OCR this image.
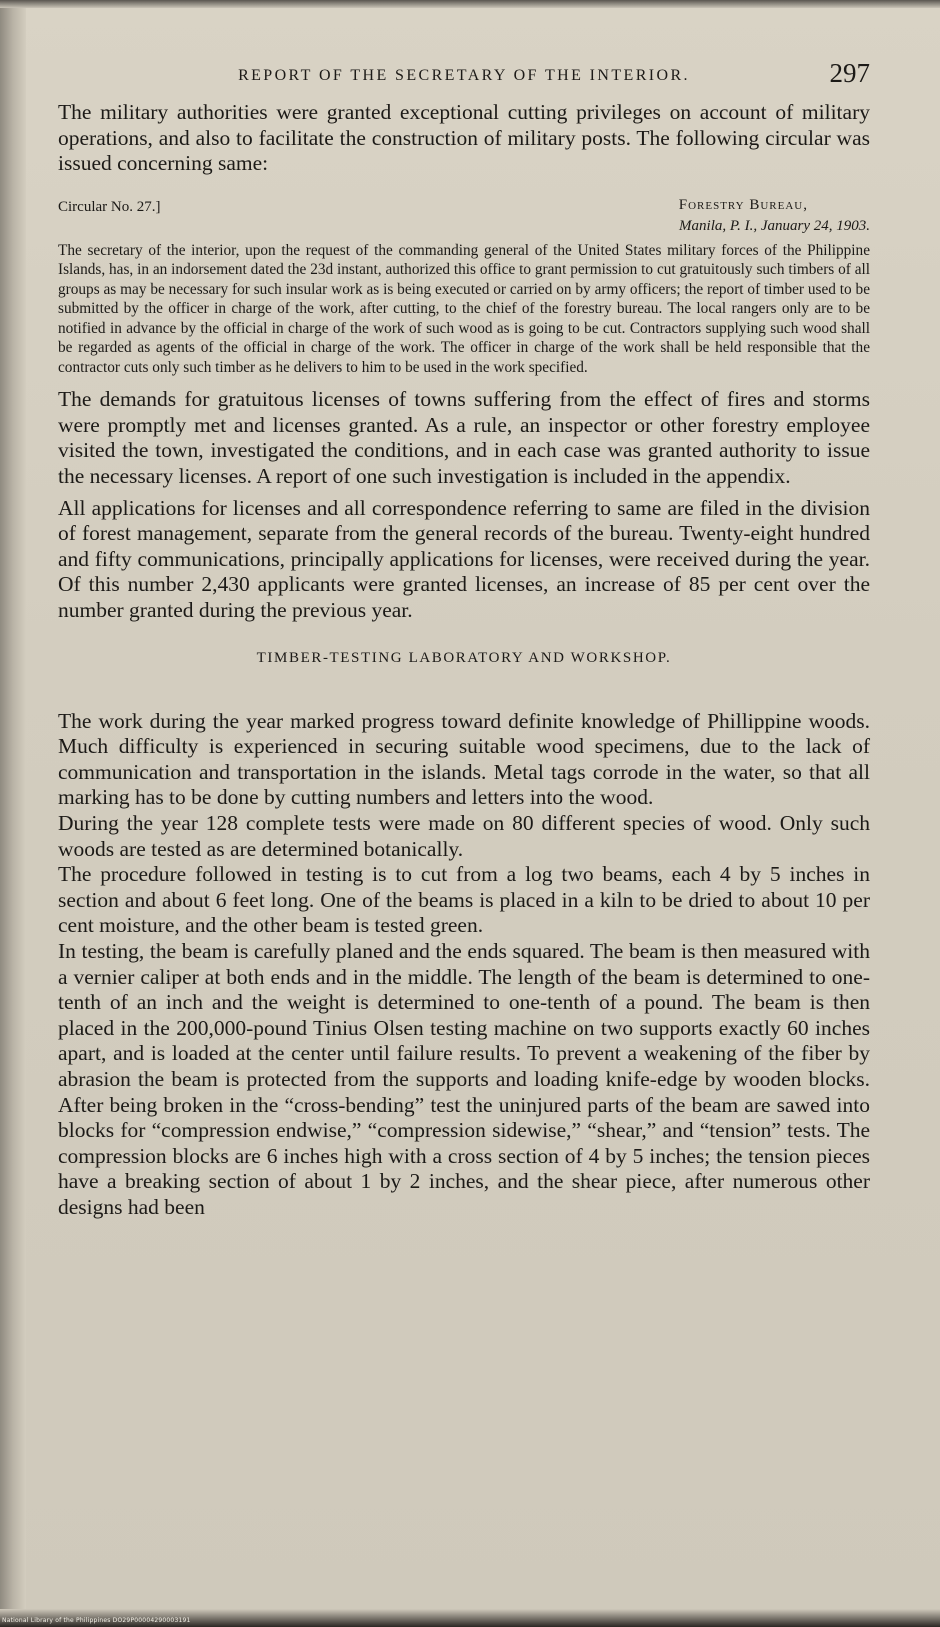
REPORT OF THE SECRETARY OF THE INTERIOR.	297

The military authorities were granted exceptional cutting privileges on account of military operations, and also to facilitate the construction of military posts. The following circular was issued concerning same:

Circular No. 27.]	Forestry Bureau,
Manila, P. I., January 24, 1903.

The secretary of the interior, upon the request of the commanding general of the United States military forces of the Philippine Islands, has, in an indorsement dated the 23d instant, authorized this office to grant permission to cut gratuitously such timbers of all groups as may be necessary for such insular work as is being executed or carried on by army officers; the report of timber used to be submitted by the officer in charge of the work, after cutting, to the chief of the forestry bureau. The local rangers only are to be notified in advance by the official in charge of the work of such wood as is going to be cut. Contractors supplying such wood shall be regarded as agents of the official in charge of the work. The officer in charge of the work shall be held responsible that the contractor cuts only such timber as he delivers to him to be used in the work specified.

The demands for gratuitous licenses of towns suffering from the effect of fires and storms were promptly met and licenses granted. As a rule, an inspector or other forestry employee visited the town, investigated the conditions, and in each case was granted authority to issue the necessary licenses. A report of one such investigation is included in the appendix.

All applications for licenses and all correspondence referring to same are filed in the division of forest management, separate from the general records of the bureau. Twenty-eight hundred and fifty communications, principally applications for licenses, were received during the year. Of this number 2,430 applicants were granted licenses, an increase of 85 per cent over the number granted during the previous year.

TIMBER-TESTING LABORATORY AND WORKSHOP.

The work during the year marked progress toward definite knowledge of Phillippine woods. Much difficulty is experienced in securing suitable wood specimens, due to the lack of communication and transportation in the islands. Metal tags corrode in the water, so that all marking has to be done by cutting numbers and letters into the wood.

During the year 128 complete tests were made on 80 different species of wood. Only such woods are tested as are determined botanically.

The procedure followed in testing is to cut from a log two beams, each 4 by 5 inches in section and about 6 feet long. One of the beams is placed in a kiln to be dried to about 10 per cent moisture, and the other beam is tested green.

In testing, the beam is carefully planed and the ends squared. The beam is then measured with a vernier caliper at both ends and in the middle. The length of the beam is determined to one-tenth of an inch and the weight is determined to one-tenth of a pound. The beam is then placed in the 200,000-pound Tinius Olsen testing machine on two supports exactly 60 inches apart, and is loaded at the center until failure results. To prevent a weakening of the fiber by abrasion the beam is protected from the supports and loading knife-edge by wooden blocks. After being broken in the “cross-bending” test the uninjured parts of the beam are sawed into blocks for “compression endwise,” “compression sidewise,” “shear,” and “tension” tests. The compression blocks are 6 inches high with a cross section of 4 by 5 inches; the tension pieces have a breaking section of about 1 by 2 inches, and the shear piece, after numerous other designs had been

National Library of the Philippines DO29P00004290003191
